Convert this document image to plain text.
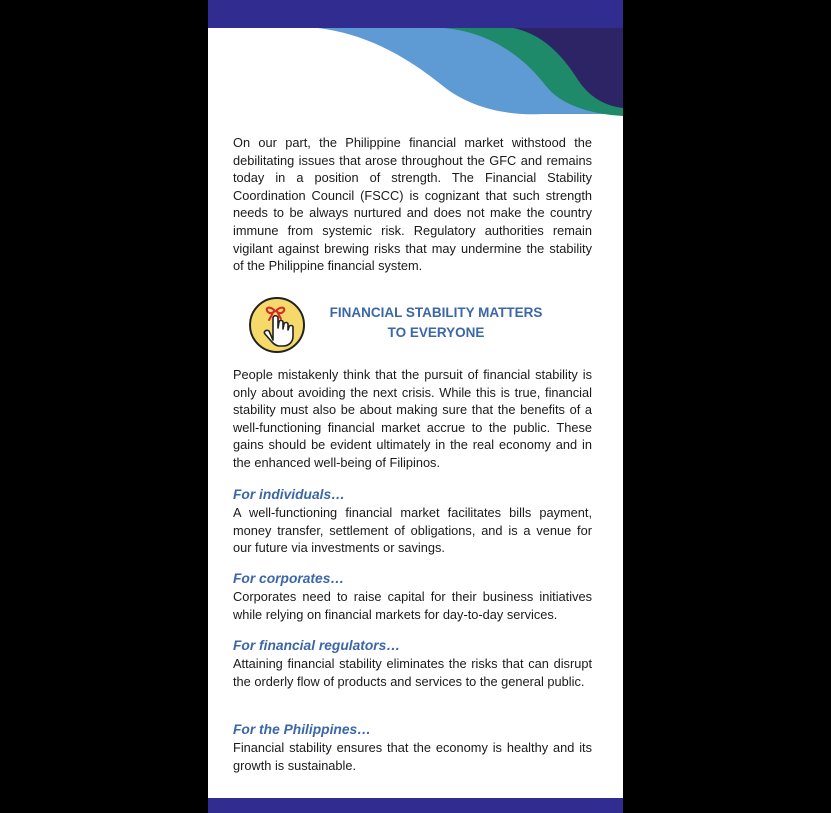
On our part, the Philippine financial market withstood the debilitating issues that arose throughout the GFC and remains today in a position of strength. The Financial Stability Coordination Council (FSCC) is cognizant that such strength needs to be always nurtured and does not make the country immune from systemic risk. Regulatory authorities remain vigilant against brewing risks that may undermine the stability of the Philippine financial system.

FINANCIAL STABILITY MATTERS
TO EVERYONE

People mistakenly think that the pursuit of financial stability is only about avoiding the next crisis. While this is true, financial stability must also be about making sure that the benefits of a well-functioning financial market accrue to the public. These gains should be evident ultimately in the real economy and in the enhanced well-being of Filipinos.

For individuals…

A well-functioning financial market facilitates bills payment, money transfer, settlement of obligations, and is a venue for our future via investments or savings.

For corporates…

Corporates need to raise capital for their business initiatives while relying on financial markets for day-to-day services.

For financial regulators…

Attaining financial stability eliminates the risks that can disrupt the orderly flow of products and services to the general public.

For the Philippines…

Financial stability ensures that the economy is healthy and its growth is sustainable.
